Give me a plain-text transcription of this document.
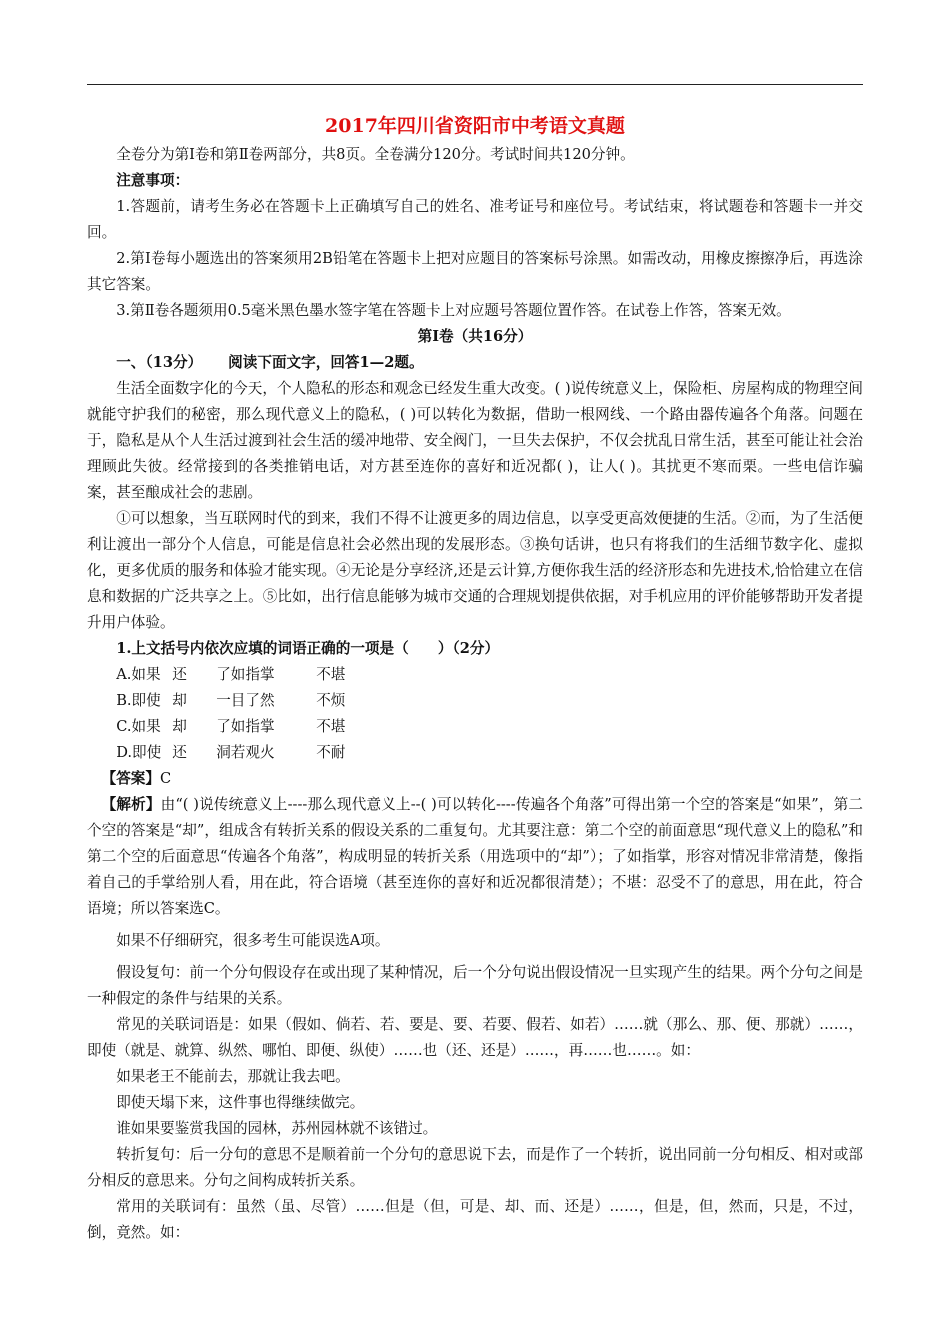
2017年四川省资阳市中考语文真题

全卷分为第Ⅰ卷和第Ⅱ卷两部分，共8页。全卷满分120分。考试时间共120分钟。

注意事项：

1.答题前，请考生务必在答题卡上正确填写自己的姓名、准考证号和座位号。考试结束，将试题卷和答题卡一并交回。

2.第Ⅰ卷每小题选出的答案须用2B铅笔在答题卡上把对应题目的答案标号涂黑。如需改动，用橡皮擦擦净后，再选涂其它答案。

3.第Ⅱ卷各题须用0.5毫米黑色墨水签字笔在答题卡上对应题号答题位置作答。在试卷上作答，答案无效。

第Ⅰ卷（共16分）

一、（13分） 阅读下面文字，回答1—2题。

生活全面数字化的今天，个人隐私的形态和观念已经发生重大改变。( )说传统意义上，保险柜、房屋构成的物理空间就能守护我们的秘密，那么现代意义上的隐私，( )可以转化为数据，借助一根网线、一个路由器传遍各个角落。问题在于，隐私是从个人生活过渡到社会生活的缓冲地带、安全阀门，一旦失去保护，不仅会扰乱日常生活，甚至可能让社会治理顾此失彼。经常接到的各类推销电话，对方甚至连你的喜好和近况都( )，让人( )。其扰更不寒而栗。一些电信诈骗案，甚至酿成社会的悲剧。

①可以想象，当互联网时代的到来，我们不得不让渡更多的周边信息，以享受更高效便捷的生活。②而，为了生活便利让渡出一部分个人信息，可能是信息社会必然出现的发展形态。③换句话讲，也只有将我们的生活细节数字化、虚拟化，更多优质的服务和体验才能实现。④无论是分享经济,还是云计算,方便你我生活的经济形态和先进技术,恰恰建立在信息和数据的广泛共享之上。⑤比如，出行信息能够为城市交通的合理规划提供依据，对手机应用的评价能够帮助开发者提升用户体验。

1.上文括号内依次应填的词语正确的一项是（　　）（2分）

A.如果 还	了如指掌	不堪
B.即使 却	一目了然	不烦
C.如果 却	了如指掌	不堪
D.即使 还	洞若观火	不耐

【答案】C

【解析】由“( )说传统意义上----那么现代意义上--( )可以转化----传遍各个角落”可得出第一个空的答案是“如果”，第二个空的答案是“却”，组成含有转折关系的假设关系的二重复句。尤其要注意：第二个空的前面意思“现代意义上的隐私”和第二个空的后面意思“传遍各个角落”，构成明显的转折关系（用选项中的“却”）；了如指掌，形容对情况非常清楚，像指着自己的手掌给别人看，用在此，符合语境（甚至连你的喜好和近况都很清楚）；不堪：忍受不了的意思，用在此，符合语境；所以答案选C。

如果不仔细研究，很多考生可能误选A项。

假设复句：前一个分句假设存在或出现了某种情况，后一个分句说出假设情况一旦实现产生的结果。两个分句之间是一种假定的条件与结果的关系。

常见的关联词语是：如果（假如、倘若、若、要是、要、若要、假若、如若）……就（那么、那、便、那就）……，即使（就是、就算、纵然、哪怕、即便、纵使）……也（还、还是）……，再……也……。如：

如果老王不能前去，那就让我去吧。

即使天塌下来，这件事也得继续做完。

谁如果要鉴赏我国的园林，苏州园林就不该错过。

转折复句：后一分句的意思不是顺着前一个分句的意思说下去，而是作了一个转折，说出同前一分句相反、相对或部分相反的意思来。分句之间构成转折关系。

常用的关联词有：虽然（虽、尽管）……但是（但，可是、却、而、还是）……，但是，但，然而，只是，不过，倒，竟然。如：
